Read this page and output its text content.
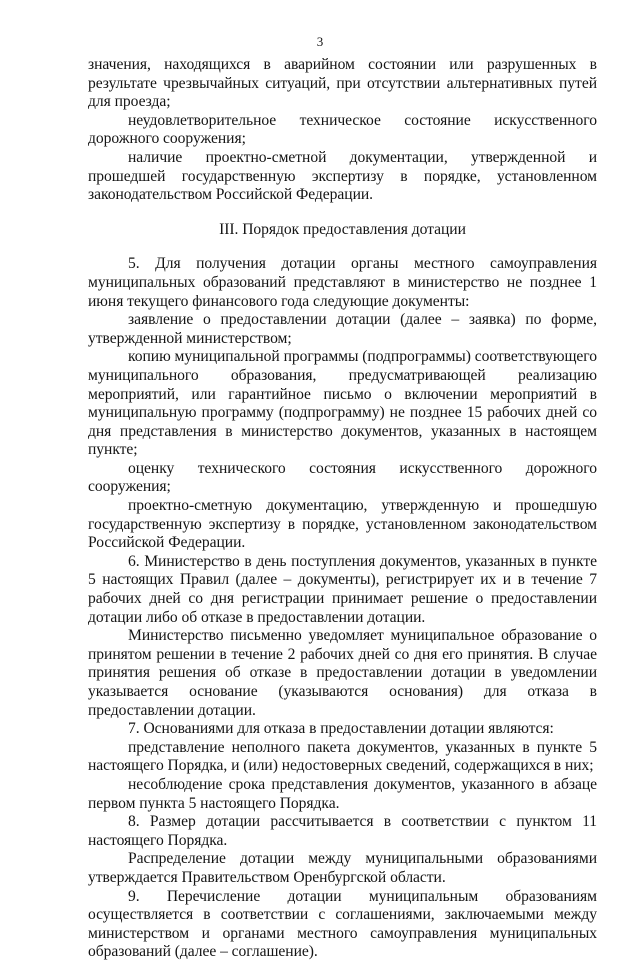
3

значения, находящихся в аварийном состоянии или разрушенных в результате чрезвычайных ситуаций, при отсутствии альтернативных путей для проезда;

неудовлетворительное техническое состояние искусственного дорожного сооружения;

наличие проектно-сметной документации, утвержденной и прошедшей государственную экспертизу в порядке, установленном законодательством Российской Федерации.

III. Порядок предоставления дотации

5. Для получения дотации органы местного самоуправления муниципальных образований представляют в министерство не позднее 1 июня текущего финансового года следующие документы:

заявление о предоставлении дотации (далее – заявка) по форме, утвержденной министерством;

копию муниципальной программы (подпрограммы) соответствующего муниципального образования, предусматривающей реализацию мероприятий, или гарантийное письмо о включении мероприятий в муниципальную программу (подпрограмму) не позднее 15 рабочих дней со дня представления в министерство документов, указанных в настоящем пункте;

оценку технического состояния искусственного дорожного сооружения;

проектно-сметную документацию, утвержденную и прошедшую государственную экспертизу в порядке, установленном законодательством Российской Федерации.

6. Министерство в день поступления документов, указанных в пункте 5 настоящих Правил (далее – документы), регистрирует их и в течение 7 рабочих дней со дня регистрации принимает решение о предоставлении дотации либо об отказе в предоставлении дотации.

Министерство письменно уведомляет муниципальное образование о принятом решении в течение 2 рабочих дней со дня его принятия. В случае принятия решения об отказе в предоставлении дотации в уведомлении указывается основание (указываются основания) для отказа в предоставлении дотации.

7. Основаниями для отказа в предоставлении дотации являются:

представление неполного пакета документов, указанных в пункте 5 настоящего Порядка, и (или) недостоверных сведений, содержащихся в них;

несоблюдение срока представления документов, указанного в абзаце первом пункта 5 настоящего Порядка.

8. Размер дотации рассчитывается в соответствии с пунктом 11 настоящего Порядка.

Распределение дотации между муниципальными образованиями утверждается Правительством Оренбургской области.

9. Перечисление дотации муниципальным образованиям осуществляется в соответствии с соглашениями, заключаемыми между министерством и органами местного самоуправления муниципальных образований (далее – соглашение).
